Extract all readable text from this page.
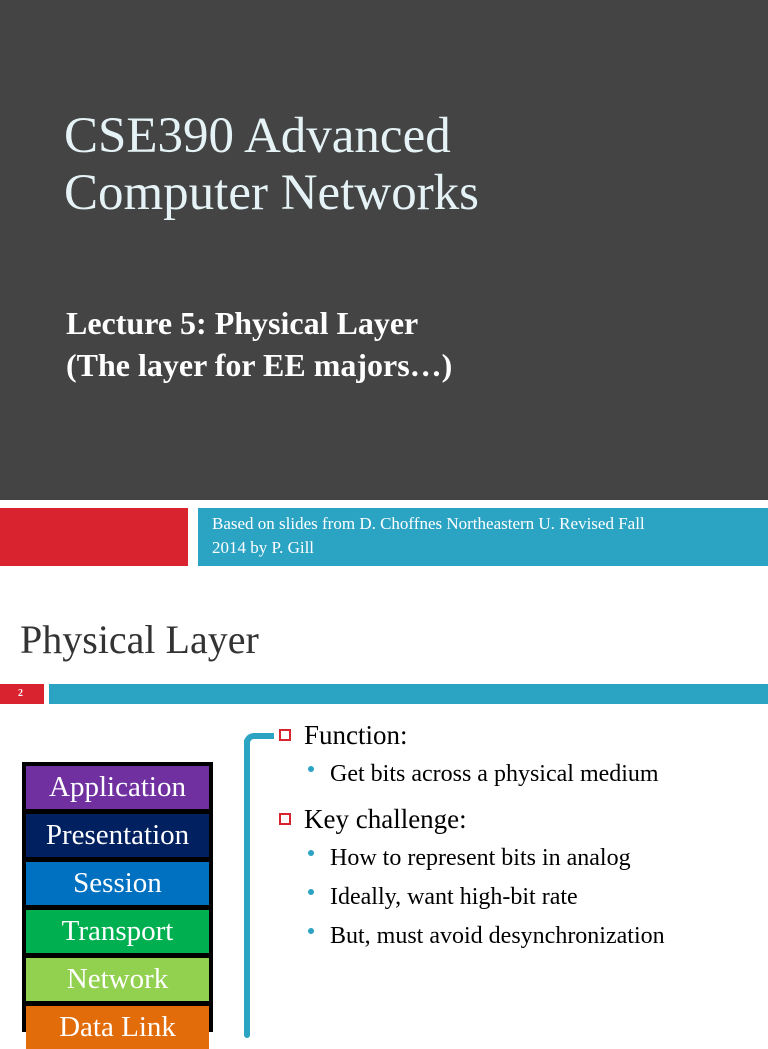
CSE390 Advanced
Computer Networks
Lecture 5: Physical Layer
(The layer for EE majors…)
Based on slides from D. Choffnes Northeastern U. Revised Fall
2014 by P. Gill
Physical Layer
2
Application
Presentation
Session
Transport
Network
Data Link
Function:
Get bits across a physical medium
Key challenge:
How to represent bits in analog
Ideally, want high-bit rate
But, must avoid desynchronization
